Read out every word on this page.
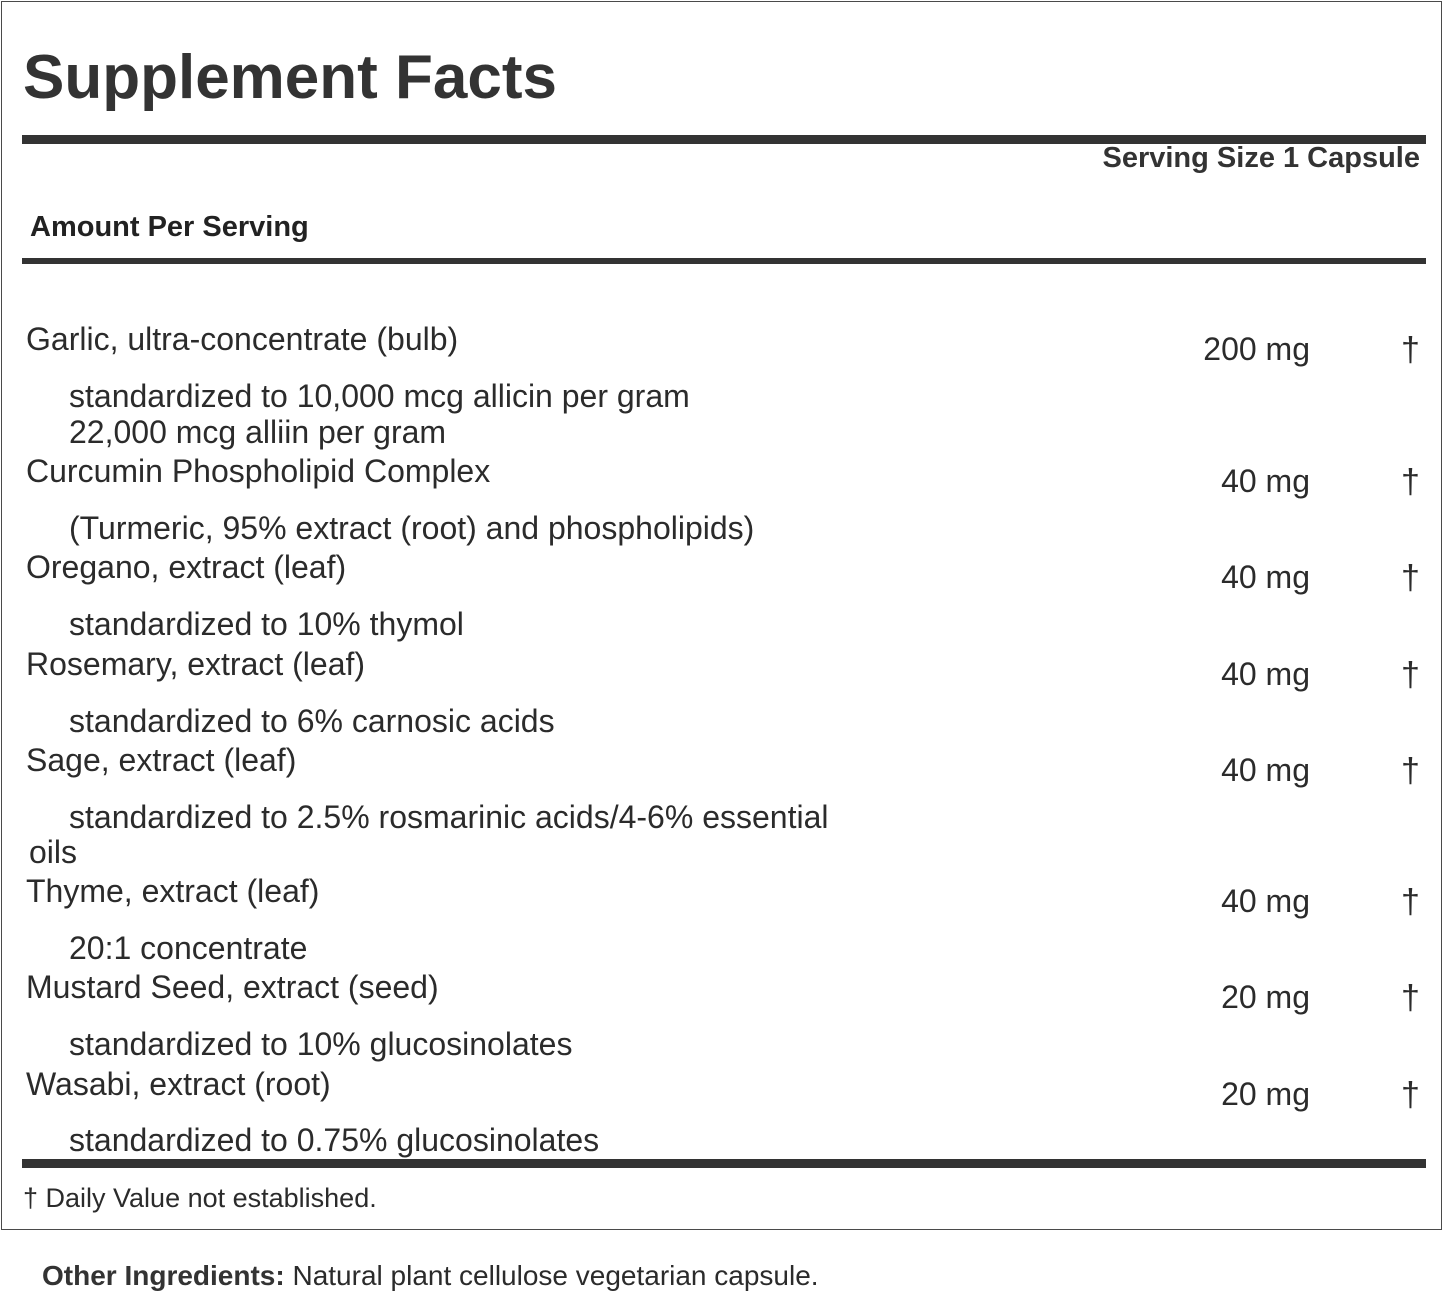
Supplement Facts
Serving Size 1 Capsule
Amount Per Serving
Garlic, ultra-concentrate (bulb)	200 mg	†
standardized to 10,000 mcg allicin per gram
22,000 mcg alliin per gram
Curcumin Phospholipid Complex	40 mg	†
(Turmeric, 95% extract (root) and phospholipids)
Oregano, extract (leaf)	40 mg	†
standardized to 10% thymol
Rosemary, extract (leaf)	40 mg	†
standardized to 6% carnosic acids
Sage, extract (leaf)	40 mg	†
standardized to 2.5% rosmarinic acids/4-6% essential
oils
Thyme, extract (leaf)	40 mg	†
20:1 concentrate
Mustard Seed, extract (seed)	20 mg	†
standardized to 10% glucosinolates
Wasabi, extract (root)	20 mg	†
standardized to 0.75% glucosinolates
† Daily Value not established.
Other Ingredients: Natural plant cellulose vegetarian capsule.
